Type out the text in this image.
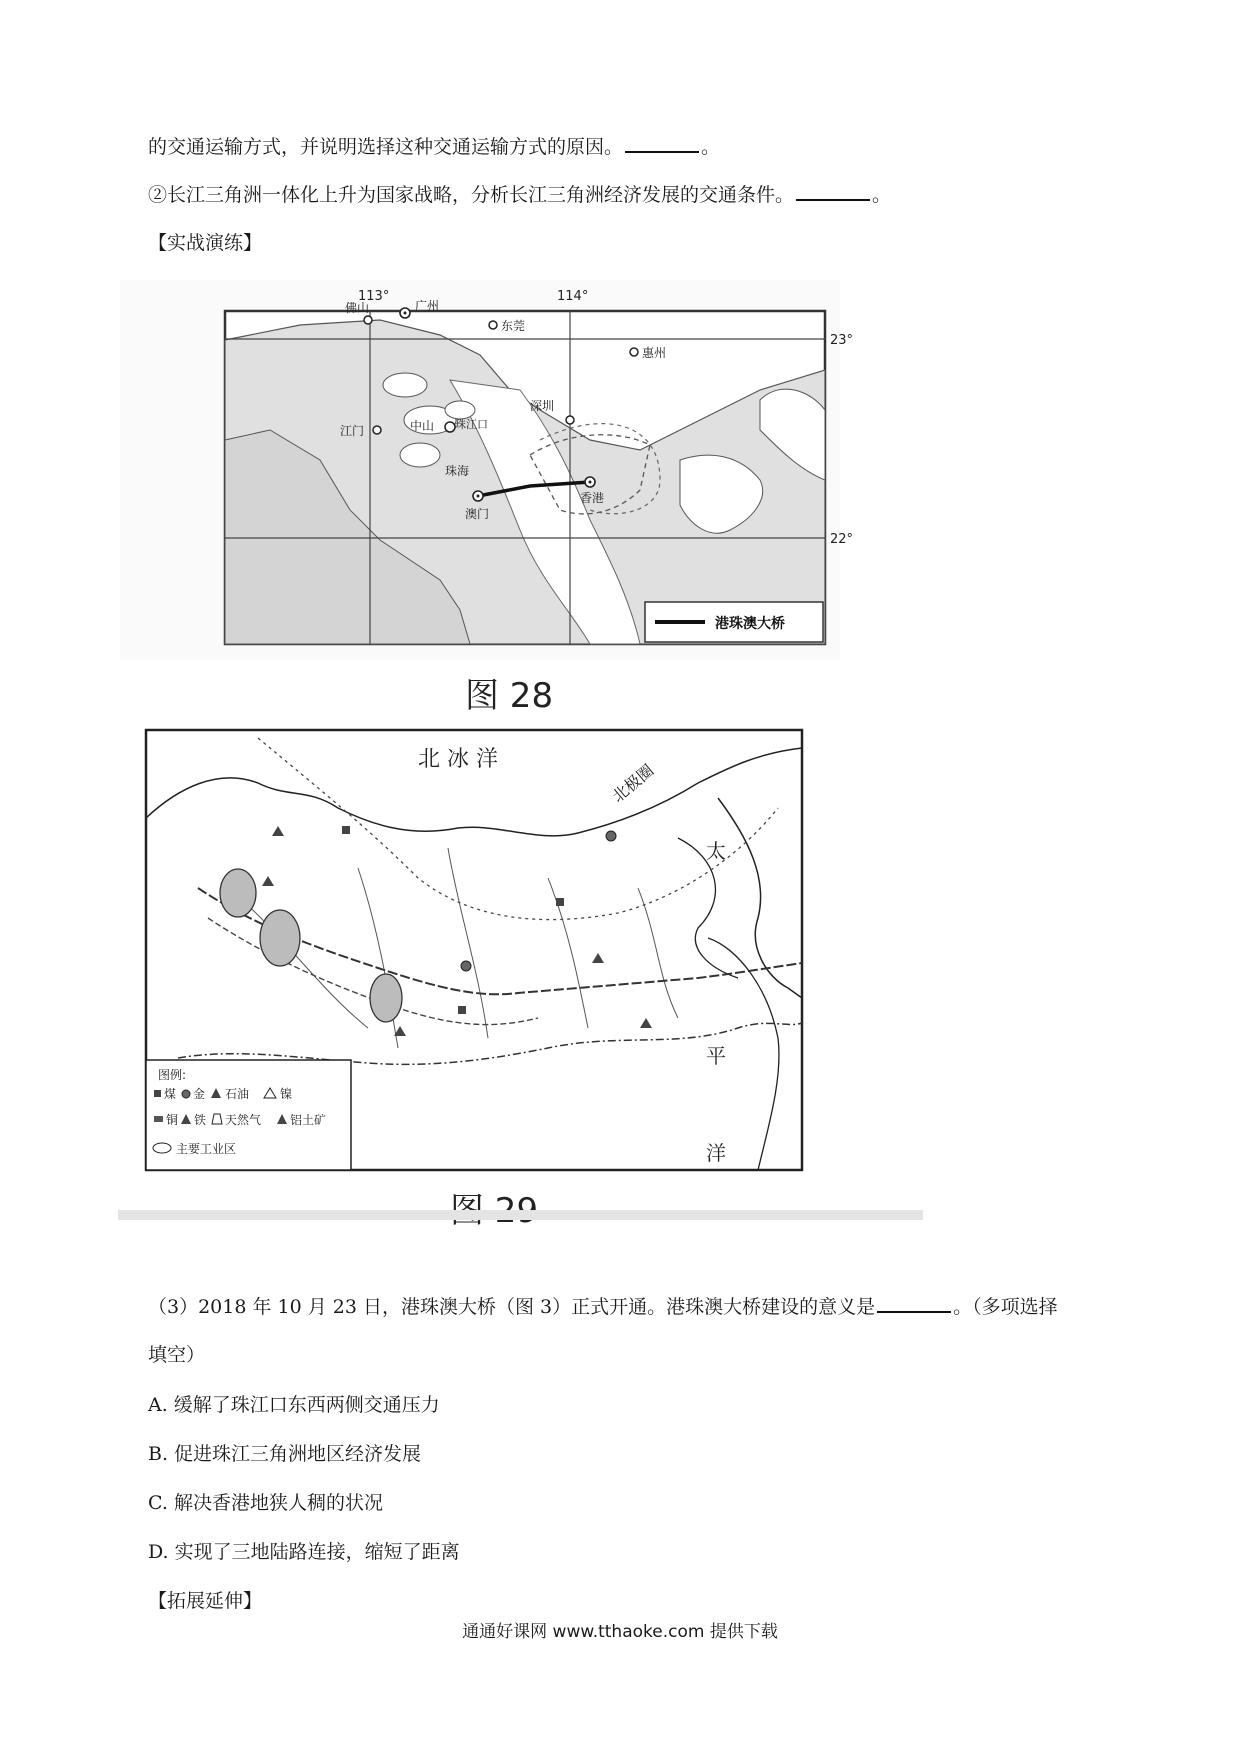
的交通运输方式，并说明选择这种交通运输方式的原因。	。
②长江三角洲一体化上升为国家战略，分析长江三角洲经济发展的交通条件。	。
【实战演练】
113°	114°
23°
22°
广州
佛山
东莞
惠州
深圳
江门	中山 珠江口
珠海
澳门
香港
港珠澳大桥
图 28
北 冰 洋
北极圈
太
平
洋
图例:
煤 金 石油	镍
铜 铁 天然气 铝土矿
主要工业区
（3）2018 年 10 月 23 日，港珠澳大桥（图 3）正式开通。港珠澳大桥建设的意义是	。（多项选择
填空）
A. 缓解了珠江口东西两侧交通压力
B. 促进珠江三角洲地区经济发展
C. 解决香港地狭人稠的状况
D. 实现了三地陆路连接，缩短了距离
【拓展延伸】
通通好课网 www.tthaoke.com 提供下载
